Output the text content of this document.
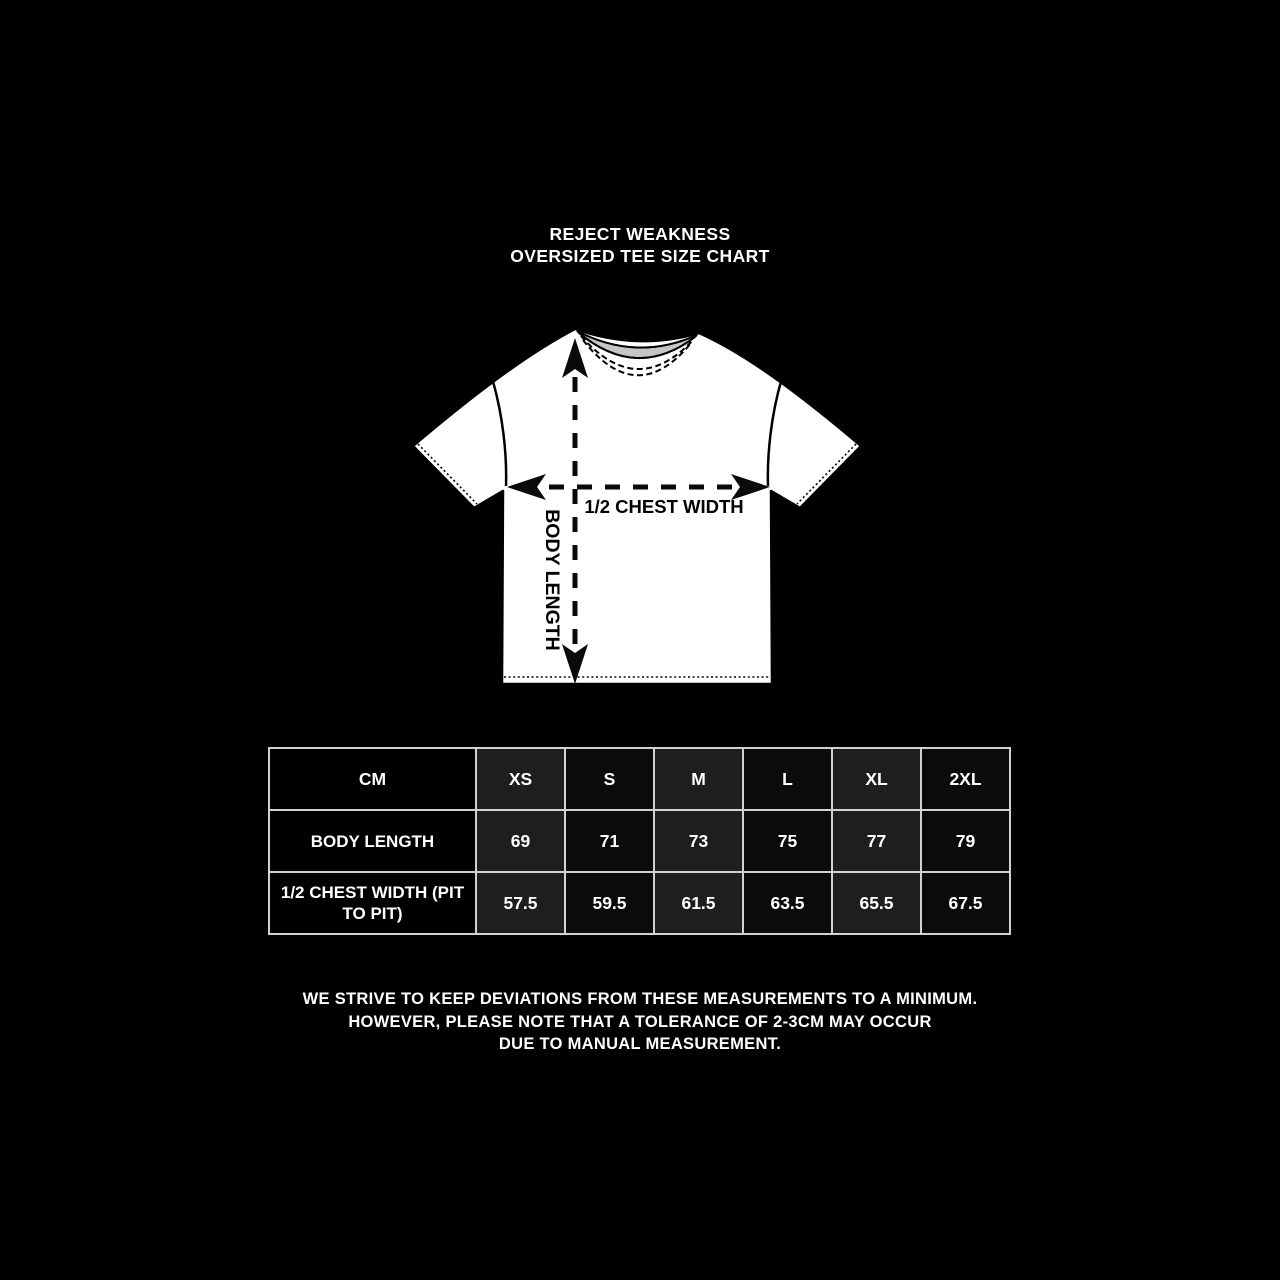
REJECT WEAKNESS
OVERSIZED TEE SIZE CHART
1/2 CHEST WIDTH
BODY LENGTH
CM	XS	S	M	L	XL	2XL
BODY LENGTH	69	71	73	75	77	79
1/2 CHEST WIDTH (PIT TO PIT)	57.5	59.5	61.5	63.5	65.5	67.5
WE STRIVE TO KEEP DEVIATIONS FROM THESE MEASUREMENTS TO A MINIMUM.
HOWEVER, PLEASE NOTE THAT A TOLERANCE OF 2-3CM MAY OCCUR
DUE TO MANUAL MEASUREMENT.
